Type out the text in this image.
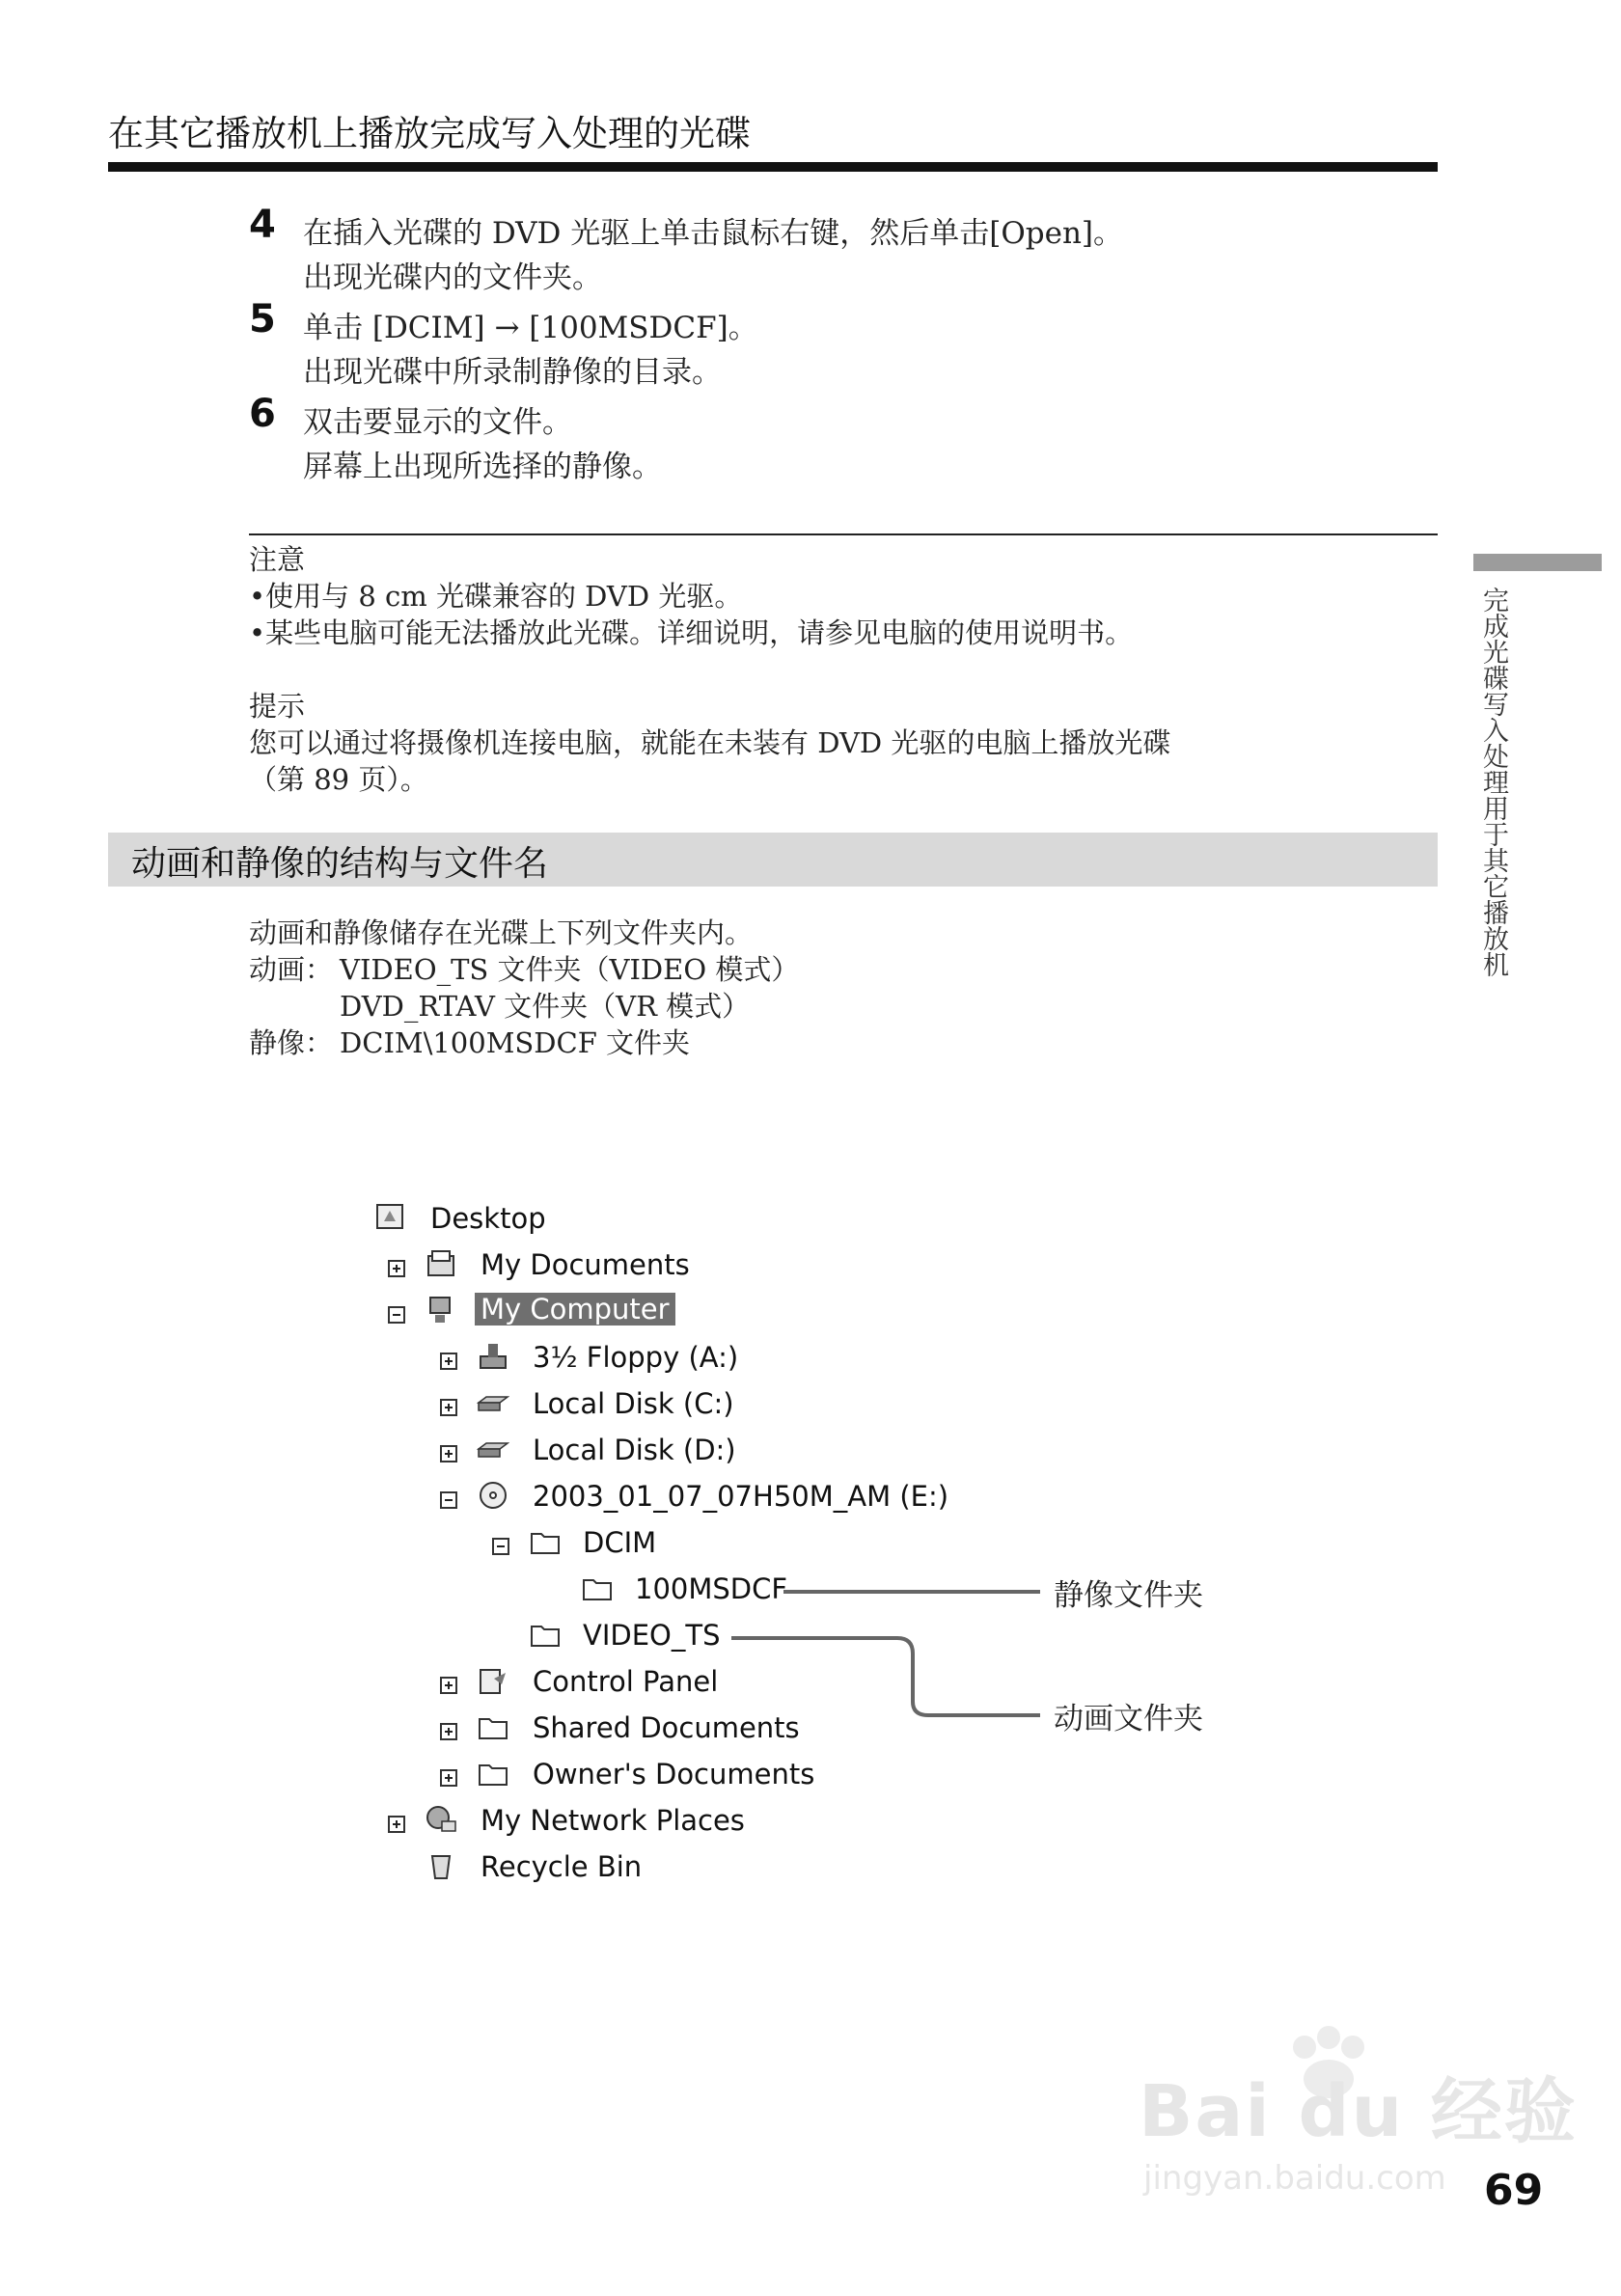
在其它播放机上播放完成写入处理的光碟
4 在插入光碟的 DVD 光驱上单击鼠标右键，然后单击[Open]。
出现光碟内的文件夹。
5 单击 [DCIM] → [100MSDCF]。
出现光碟中所录制静像的目录。
6 双击要显示的文件。
屏幕上出现所选择的静像。
注意
•使用与 8 cm 光碟兼容的 DVD 光驱。
•某些电脑可能无法播放此光碟。详细说明，请参见电脑的使用说明书。
提示
您可以通过将摄像机连接电脑，就能在未装有 DVD 光驱的电脑上播放光碟
（第 89 页）。
动画和静像的结构与文件名
动画和静像储存在光碟上下列文件夹内。
动画： VIDEO_TS 文件夹（VIDEO 模式）
DVD_RTAV 文件夹（VR 模式）
静像： DCIM\100MSDCF 文件夹
完成光碟写入处理用于其它播放机
Desktop
My Documents
My Computer
3½ Floppy (A:)
Local Disk (C:)
Local Disk (D:)
2003_01_07_07H50M_AM (E:)
DCIM
100MSDCF
VIDEO_TS
Control Panel
Shared Documents
Owner's Documents
My Network Places
Recycle Bin
静像文件夹
动画文件夹
Bai du 经验
jingyan.baidu.com 69
